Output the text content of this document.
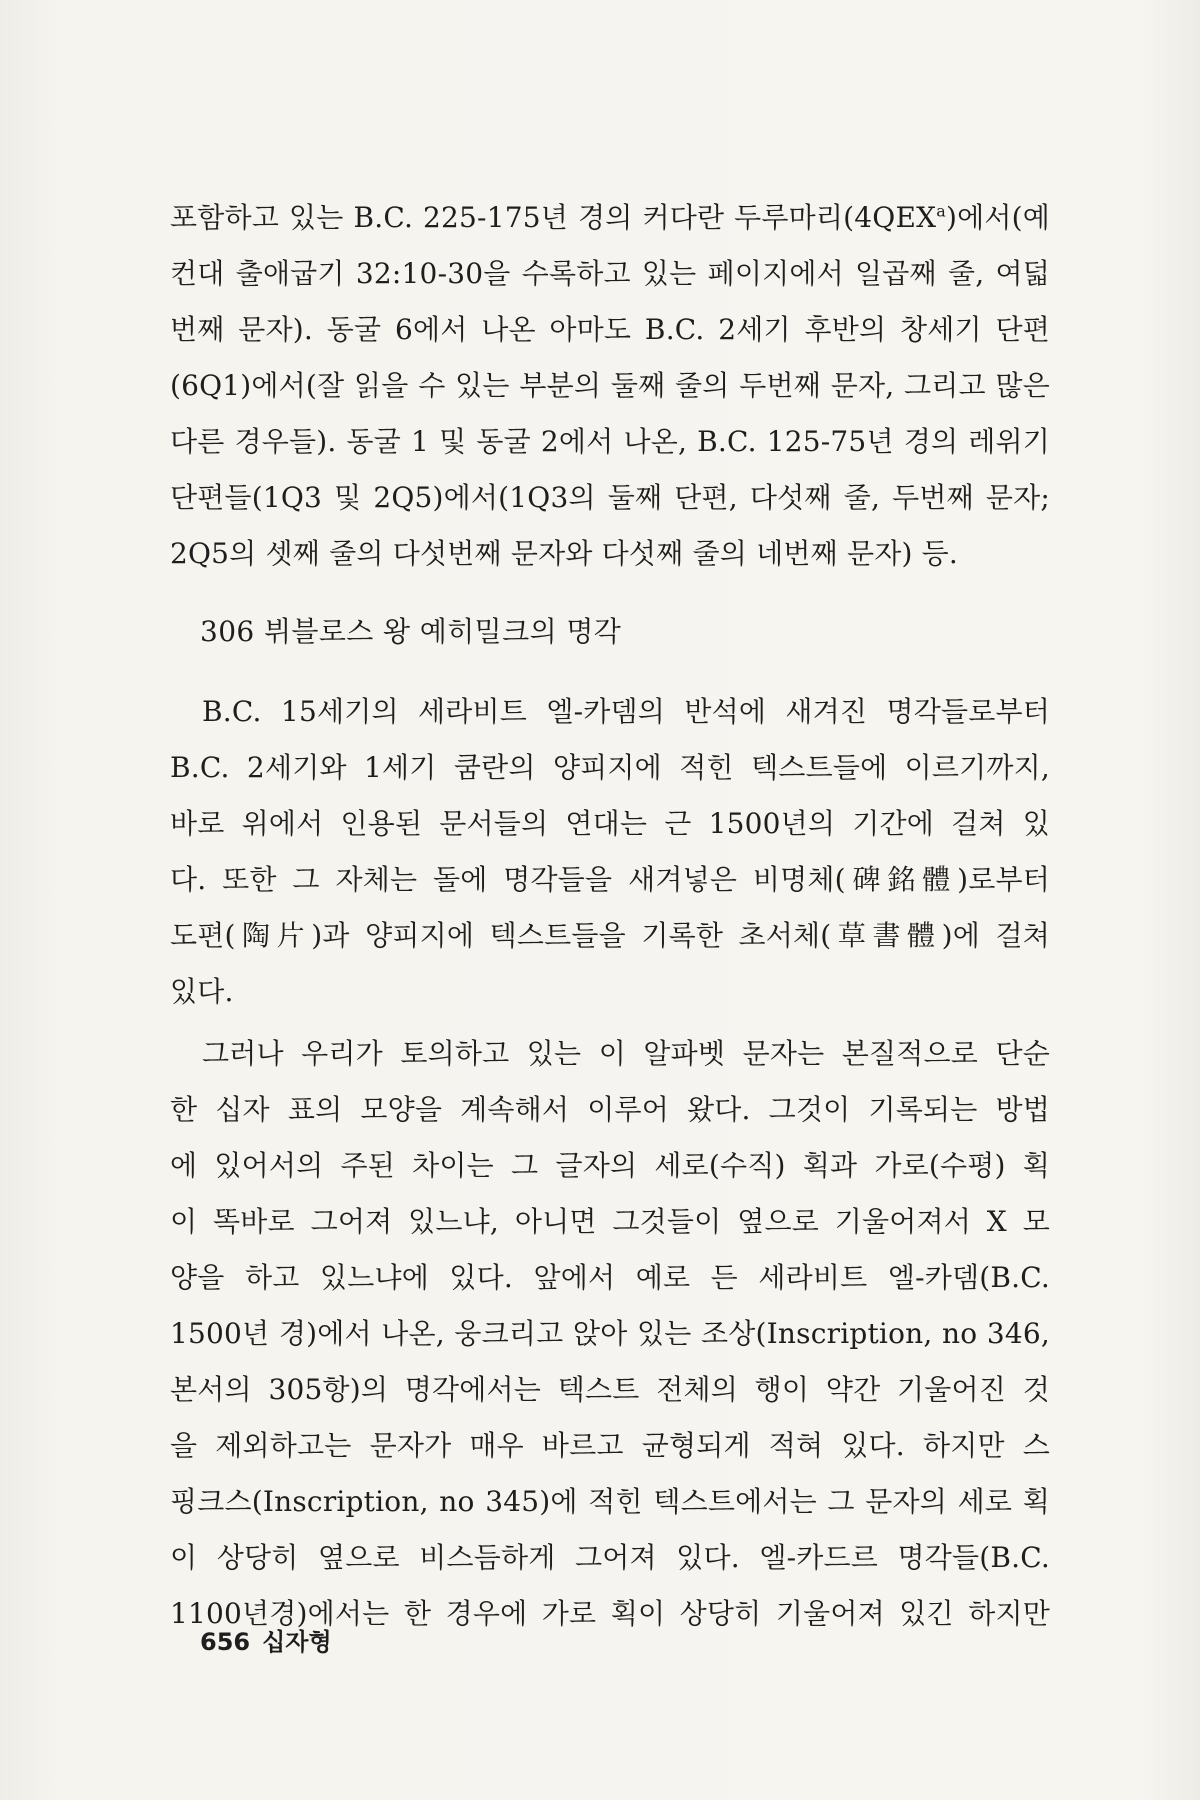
포함하고 있는 B.C. 225-175년 경의 커다란 두루마리(4QEX$^a$)에서(예
컨대 출애굽기 32:10-30을 수록하고 있는 페이지에서 일곱째 줄, 여덟
번째 문자). 동굴 6에서 나온 아마도 B.C. 2세기 후반의 창세기 단편
(6Q1)에서(잘 읽을 수 있는 부분의 둘째 줄의 두번째 문자, 그리고 많은
다른 경우들). 동굴 1 및 동굴 2에서 나온, B.C. 125-75년 경의 레위기
단편들(1Q3 및 2Q5)에서(1Q3의 둘째 단편, 다섯째 줄, 두번째 문자;
2Q5의 셋째 줄의 다섯번째 문자와 다섯째 줄의 네번째 문자) 등.
306 뷔블로스 왕 예히밀크의 명각
B.C. 15세기의 세라비트 엘-카뎀의 반석에 새겨진 명각들로부터
B.C. 2세기와 1세기 쿰란의 양피지에 적힌 텍스트들에 이르기까지,
바로 위에서 인용된 문서들의 연대는 근 1500년의 기간에 걸쳐 있
다. 또한 그 자체는 돌에 명각들을 새겨넣은 비명체(碑銘體)로부터
도편(陶片)과 양피지에 텍스트들을 기록한 초서체(草書體)에 걸쳐
있다.
그러나 우리가 토의하고 있는 이 알파벳 문자는 본질적으로 단순
한 십자 표의 모양을 계속해서 이루어 왔다. 그것이 기록되는 방법
에 있어서의 주된 차이는 그 글자의 세로(수직) 획과 가로(수평) 획
이 똑바로 그어져 있느냐, 아니면 그것들이 옆으로 기울어져서 X 모
양을 하고 있느냐에 있다. 앞에서 예로 든 세라비트 엘-카뎀(B.C.
1500년 경)에서 나온, 웅크리고 앉아 있는 조상(Inscription, no 346,
본서의 305항)의 명각에서는 텍스트 전체의 행이 약간 기울어진 것
을 제외하고는 문자가 매우 바르고 균형되게 적혀 있다. 하지만 스
핑크스(Inscription, no 345)에 적힌 텍스트에서는 그 문자의 세로 획
이 상당히 옆으로 비스듬하게 그어져 있다. 엘-카드르 명각들(B.C.
1100년경)에서는 한 경우에 가로 획이 상당히 기울어져 있긴 하지만
656 십자형
